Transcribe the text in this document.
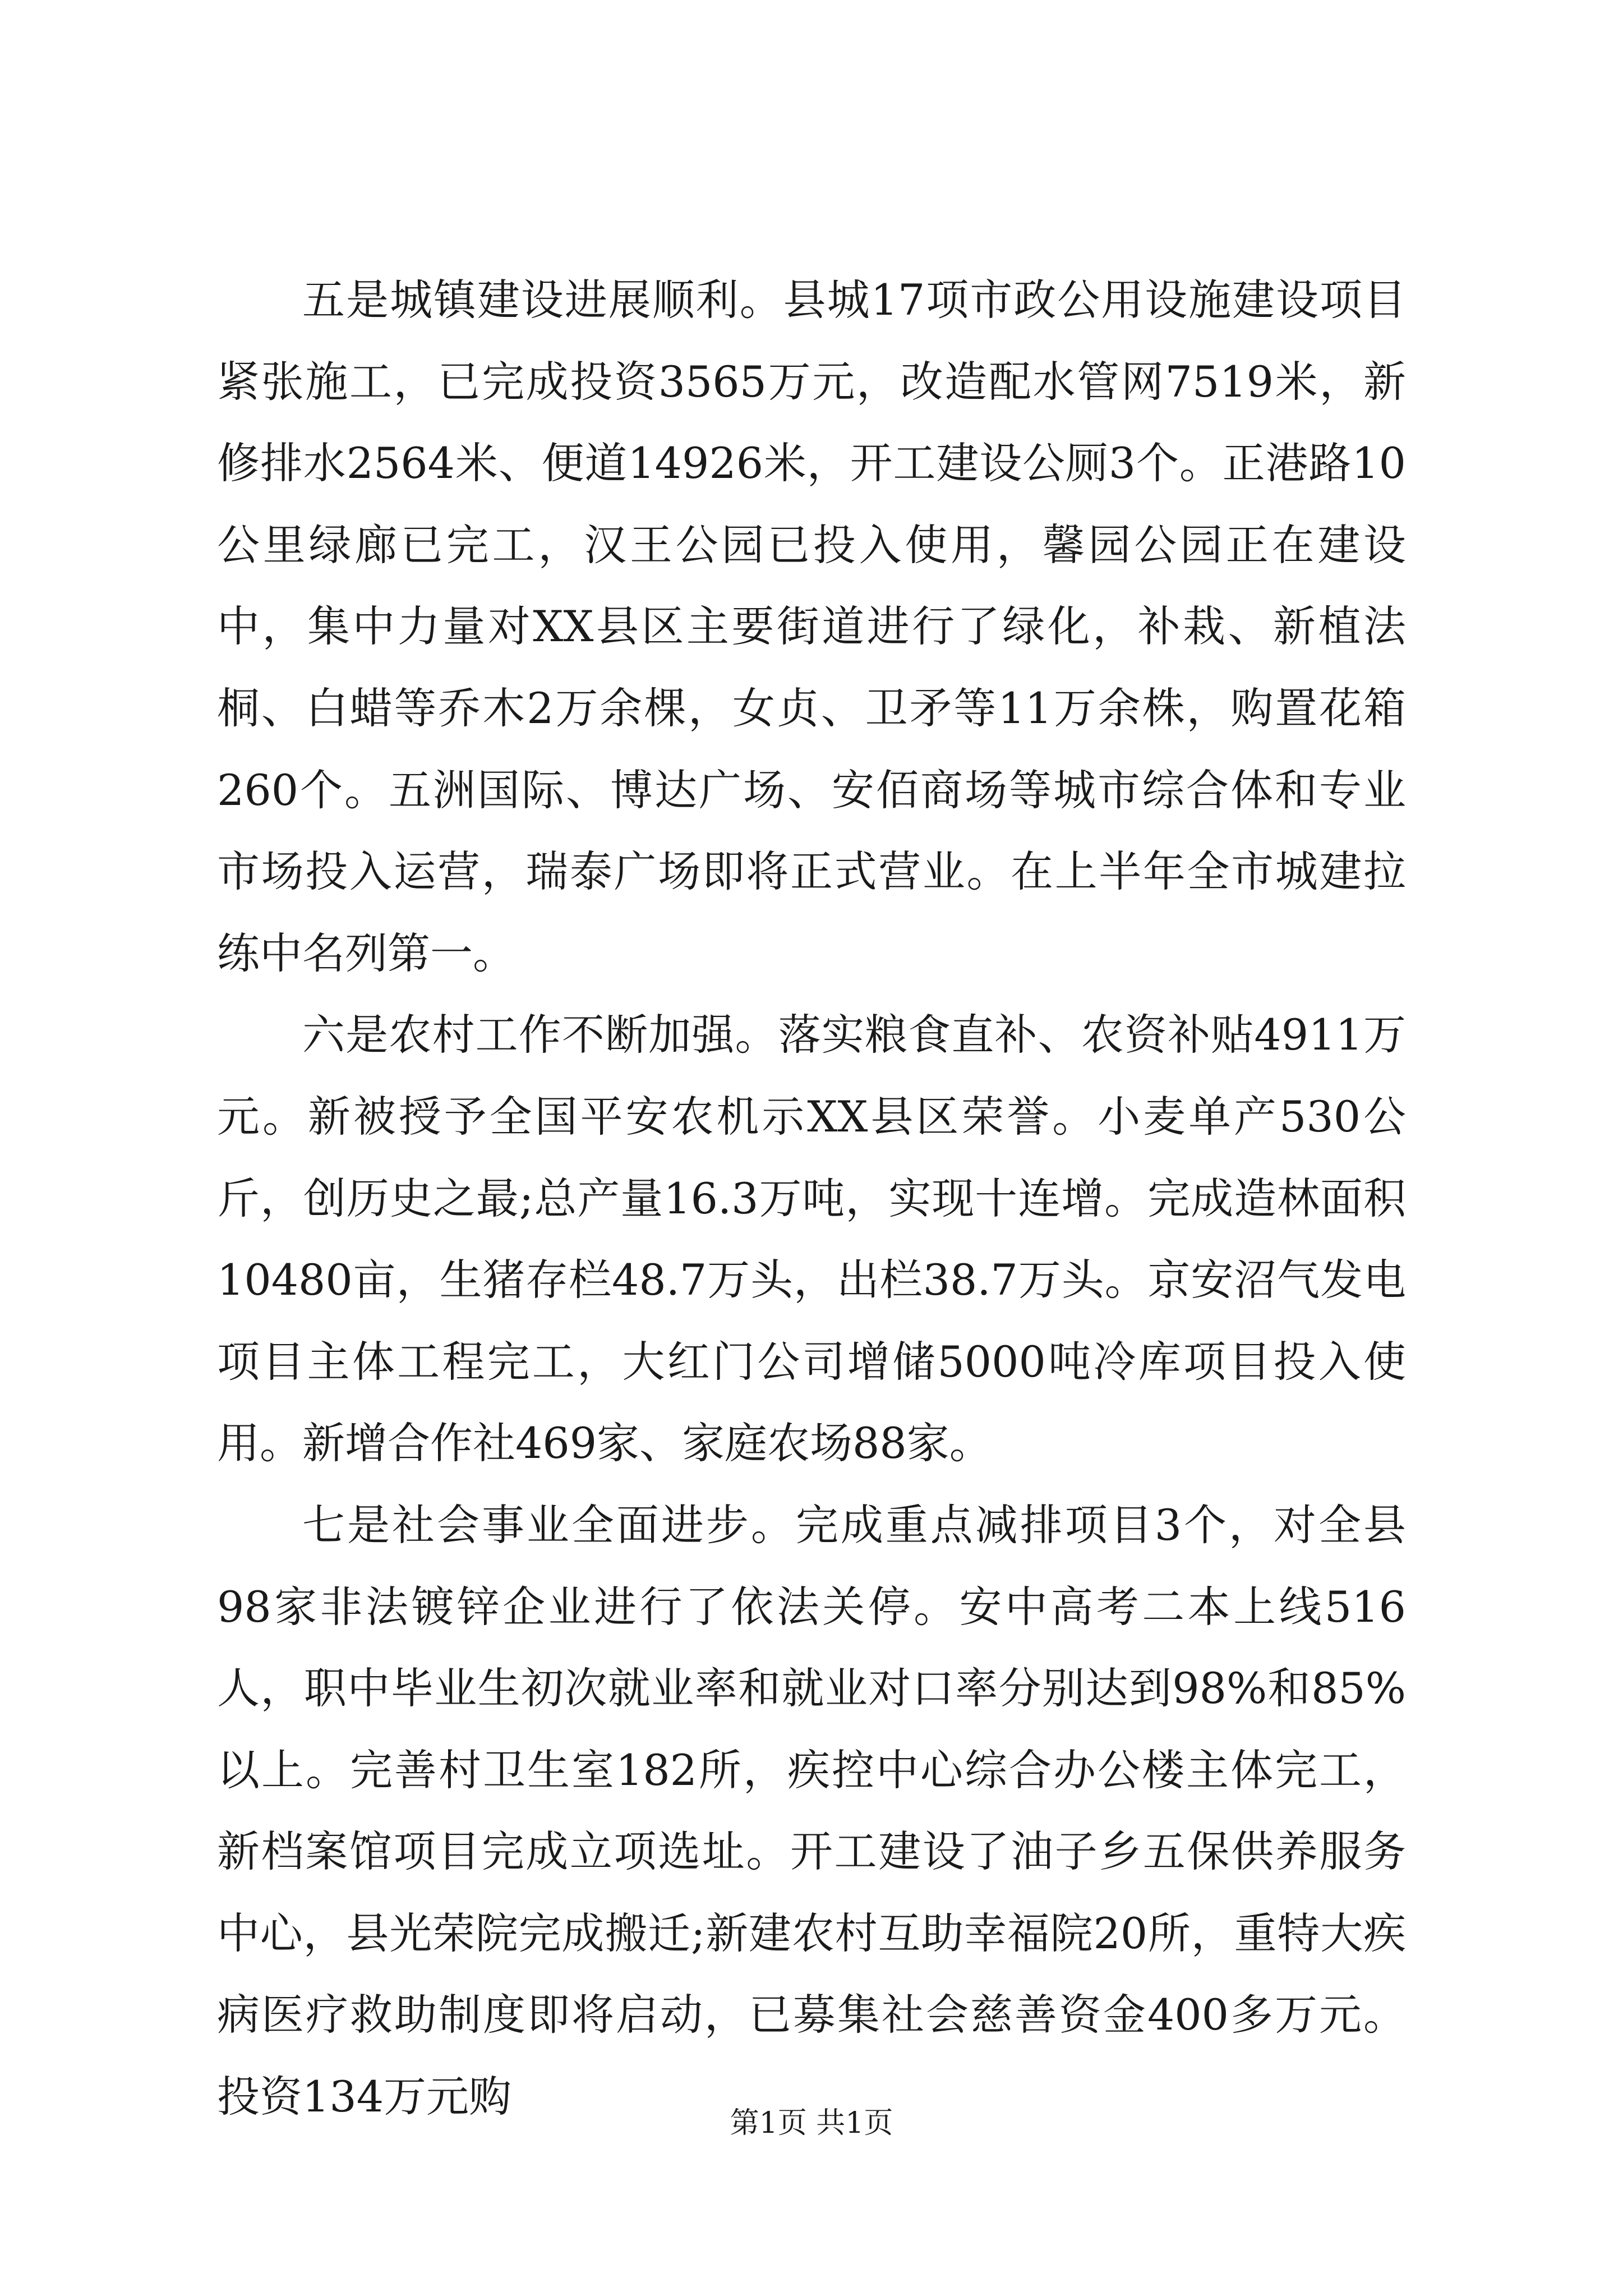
五是城镇建设进展顺利。县城17项市政公用设施建设项目紧张施工，已完成投资3565万元，改造配水管网7519米，新修排水2564米、便道14926米，开工建设公厕3个。正港路10公里绿廊已完工，汉王公园已投入使用，馨园公园正在建设中，集中力量对XX县区主要街道进行了绿化，补栽、新植法桐、白蜡等乔木2万余棵，女贞、卫矛等11万余株，购置花箱260个。五洲国际、博达广场、安佰商场等城市综合体和专业市场投入运营，瑞泰广场即将正式营业。在上半年全市城建拉练中名列第一。

六是农村工作不断加强。落实粮食直补、农资补贴4911万元。新被授予全国平安农机示XX县区荣誉。小麦单产530公斤，创历史之最;总产量16.3万吨，实现十连增。完成造林面积10480亩，生猪存栏48.7万头，出栏38.7万头。京安沼气发电项目主体工程完工，大红门公司增储5000吨冷库项目投入使用。新增合作社469家、家庭农场88家。

七是社会事业全面进步。完成重点减排项目3个，对全县98家非法镀锌企业进行了依法关停。安中高考二本上线516人，职中毕业生初次就业率和就业对口率分别达到98%和85%以上。完善村卫生室182所，疾控中心综合办公楼主体完工，新档案馆项目完成立项选址。开工建设了油子乡五保供养服务中心，县光荣院完成搬迁;新建农村互助幸福院20所，重特大疾病医疗救助制度即将启动，已募集社会慈善资金400多万元。投资134万元购

第1页 共1页
